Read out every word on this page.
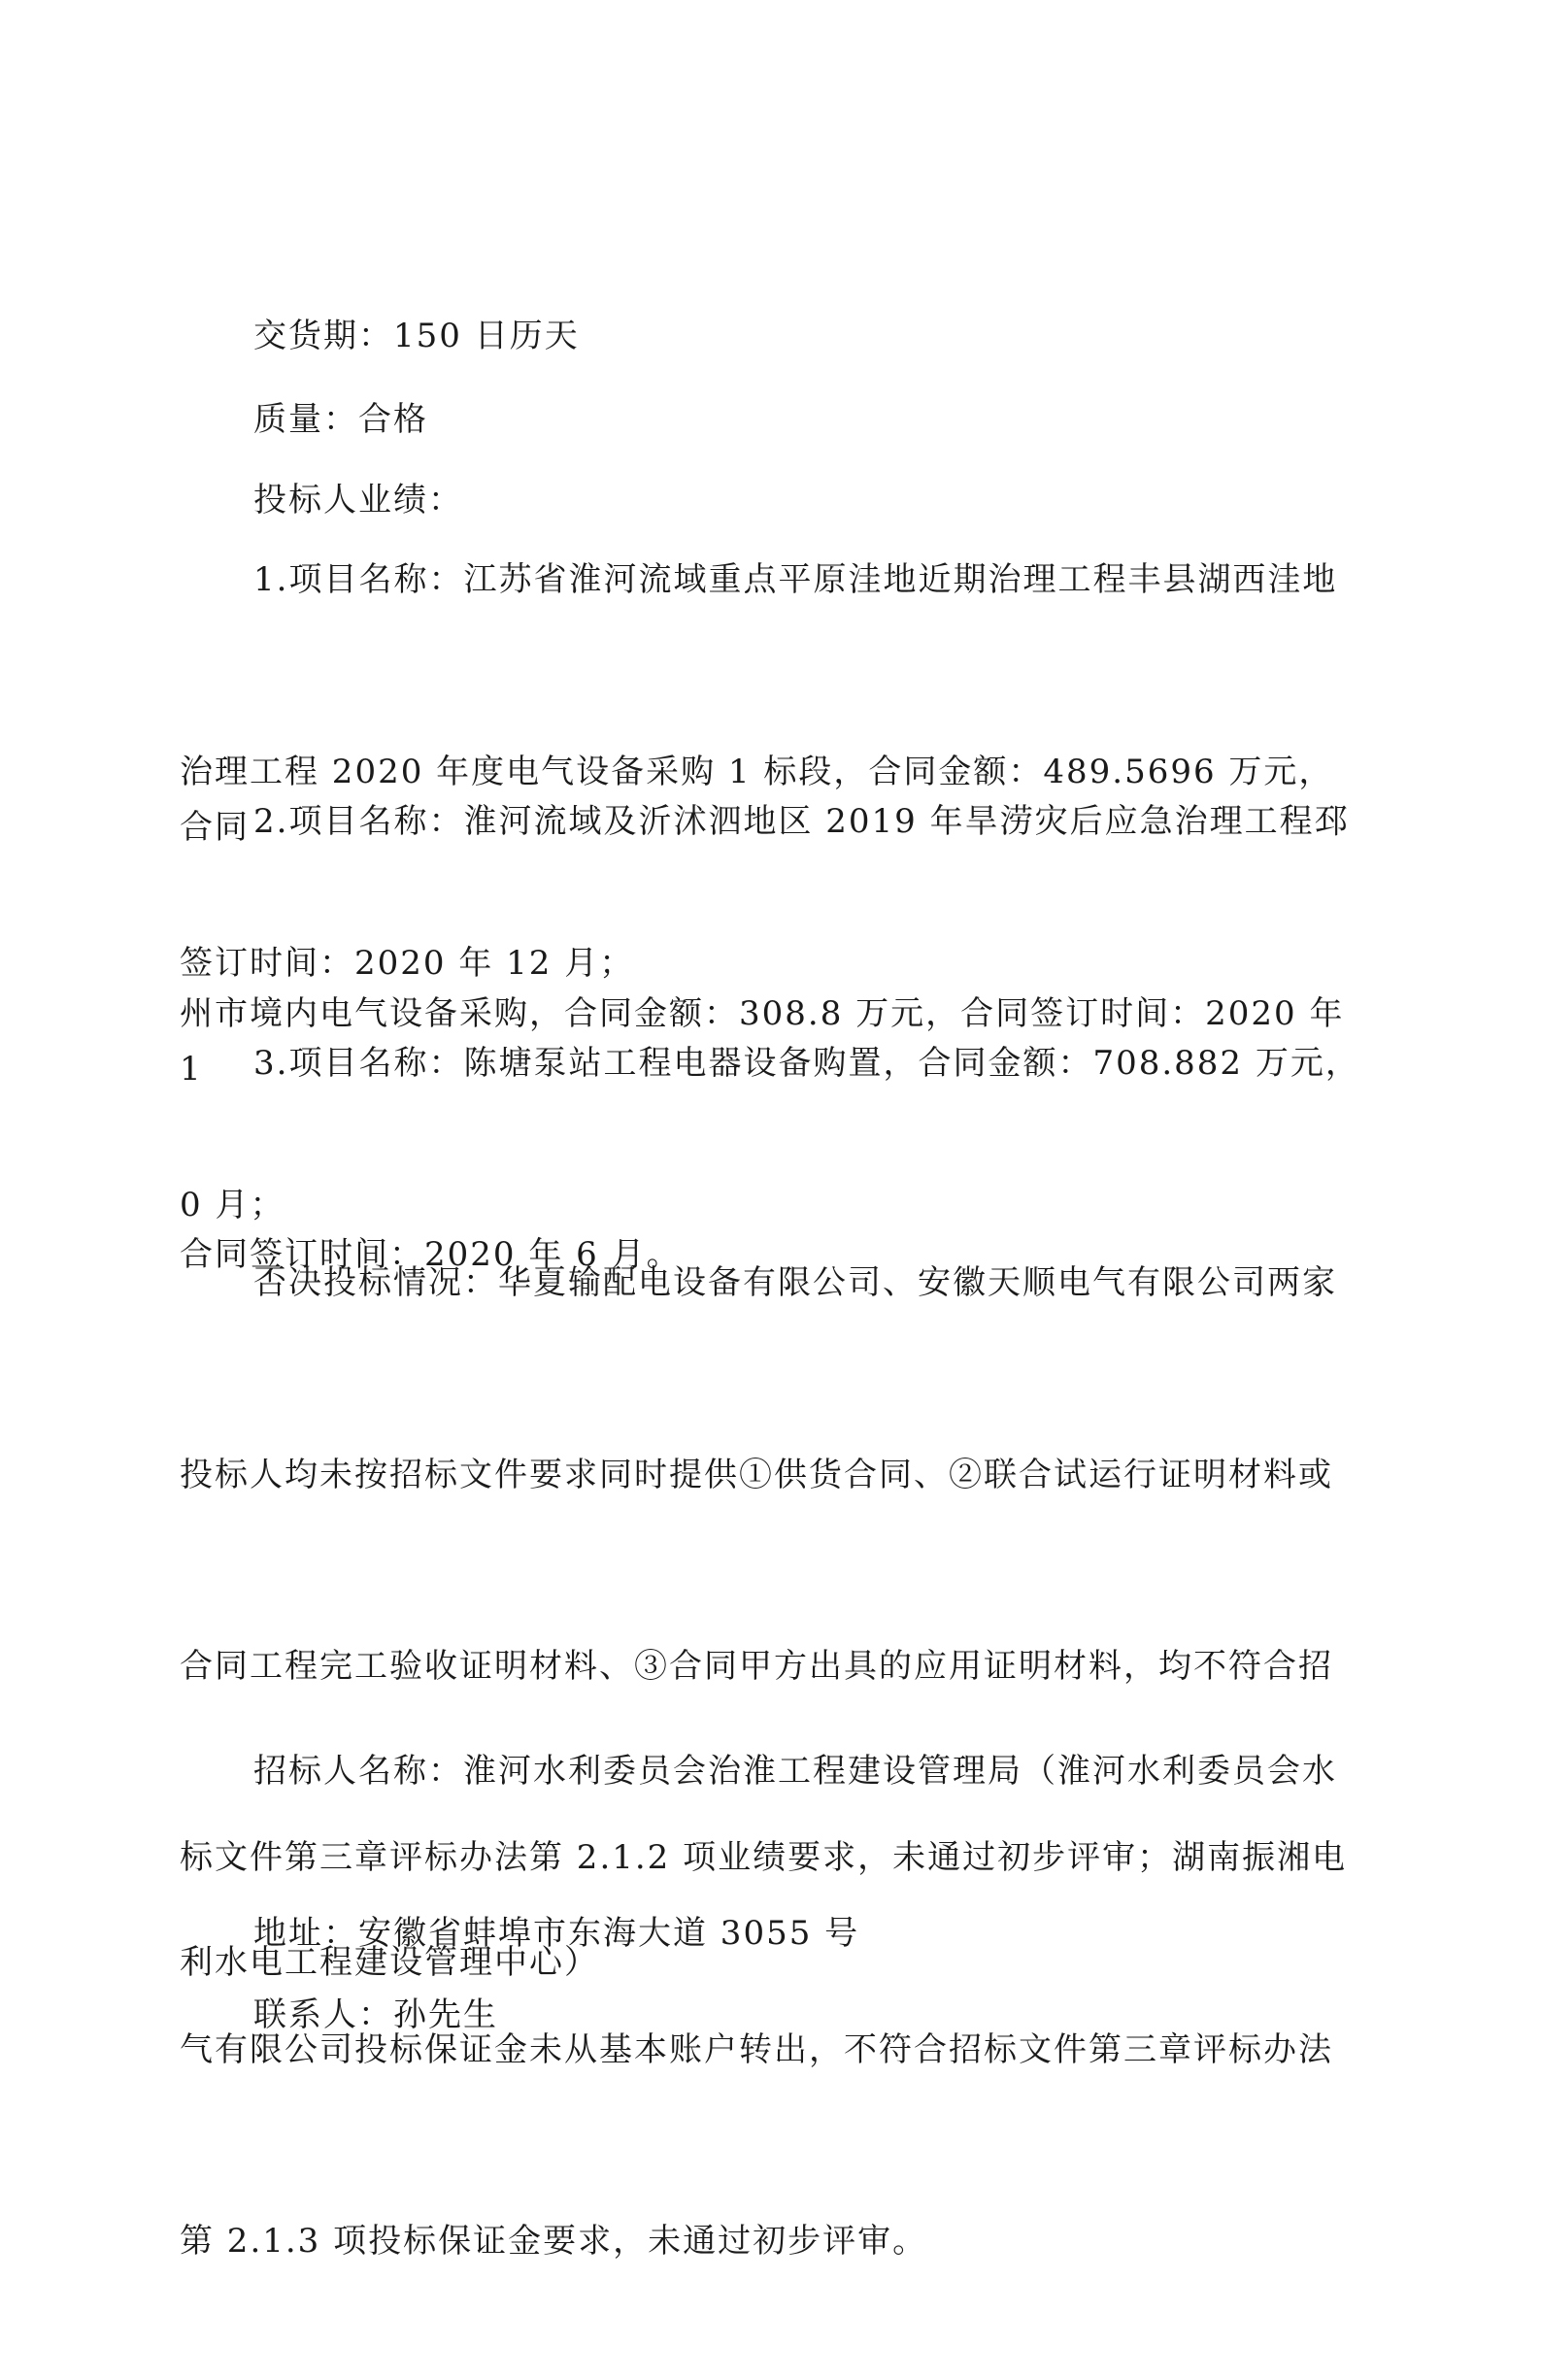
交货期：150 日历天

质量：合格

投标人业绩：

1.项目名称：江苏省淮河流域重点平原洼地近期治理工程丰县湖西洼地

治理工程 2020 年度电气设备采购 1 标段，合同金额：489.5696 万元，合同

签订时间：2020 年 12 月；

2.项目名称：淮河流域及沂沭泗地区 2019 年旱涝灾后应急治理工程邳

州市境内电气设备采购，合同金额：308.8 万元，合同签订时间：2020 年 1

0 月；

3.项目名称：陈塘泵站工程电器设备购置，合同金额：708.882 万元，

合同签订时间：2020 年 6 月。

否决投标情况：华夏输配电设备有限公司、安徽天顺电气有限公司两家

投标人均未按招标文件要求同时提供①供货合同、②联合试运行证明材料或

合同工程完工验收证明材料、③合同甲方出具的应用证明材料，均不符合招

标文件第三章评标办法第 2.1.2 项业绩要求，未通过初步评审；湖南振湘电

气有限公司投标保证金未从基本账户转出，不符合招标文件第三章评标办法

第 2.1.3 项投标保证金要求，未通过初步评审。

招标人名称：淮河水利委员会治淮工程建设管理局（淮河水利委员会水

利水电工程建设管理中心）

地址：安徽省蚌埠市东海大道 3055 号

联系人：孙先生
